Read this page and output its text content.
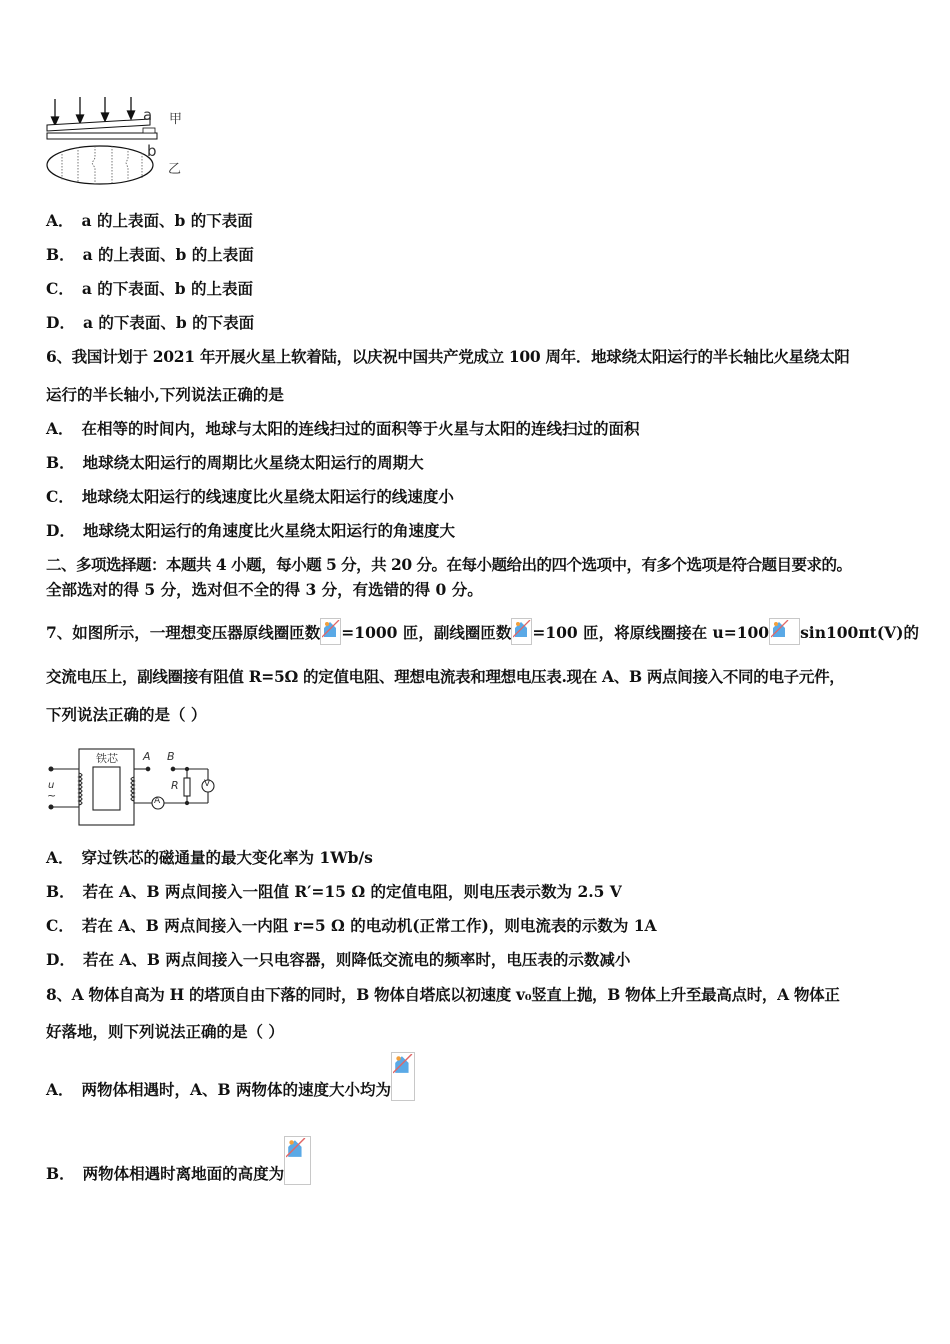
a
b
甲
乙
A． a 的上表面、b 的下表面
B． a 的上表面、b 的上表面
C． a 的下表面、b 的上表面
D． a 的下表面、b 的下表面
6、我国计划于 2021 年开展火星上软着陆，以庆祝中国共产党成立 100 周年．地球绕太阳运行的半长轴比火星绕太阳
运行的半长轴小,下列说法正确的是
A． 在相等的时间内，地球与太阳的连线扫过的面积等于火星与太阳的连线扫过的面积
B． 地球绕太阳运行的周期比火星绕太阳运行的周期大
C． 地球绕太阳运行的线速度比火星绕太阳运行的线速度小
D． 地球绕太阳运行的角速度比火星绕太阳运行的角速度大
二、多项选择题：本题共 4 小题，每小题 5 分，共 20 分。在每小题给出的四个选项中，有多个选项是符合题目要求的。
全部选对的得 5 分，选对但不全的得 3 分，有选错的得 0 分。
7、如图所示，一理想变压器原线圈匝数 =1000 匝，副线圈匝数 =100 匝，将原线圈接在 u=100 sin100πt(V)的
交流电压上，副线圈接有阻值 R=5Ω 的定值电阻、理想电流表和理想电压表.现在 A、B 两点间接入不同的电子元件，
下列说法正确的是（ ）
铁芯 A B
R
u
~	A
V
A． 穿过铁芯的磁通量的最大变化率为 1Wb/s
B． 若在 A、B 两点间接入一阻值 R′=15 Ω 的定值电阻，则电压表示数为 2.5 V
C． 若在 A、B 两点间接入一内阻 r=5 Ω 的电动机(正常工作)，则电流表的示数为 1A
D． 若在 A、B 两点间接入一只电容器，则降低交流电的频率时，电压表的示数减小
8、A 物体自高为 H 的塔顶自由下落的同时，B 物体自塔底以初速度 v₀竖直上抛，B 物体上升至最高点时，A 物体正
好落地，则下列说法正确的是（ ）
A． 两物体相遇时，A、B 两物体的速度大小均为
B． 两物体相遇时离地面的高度为
